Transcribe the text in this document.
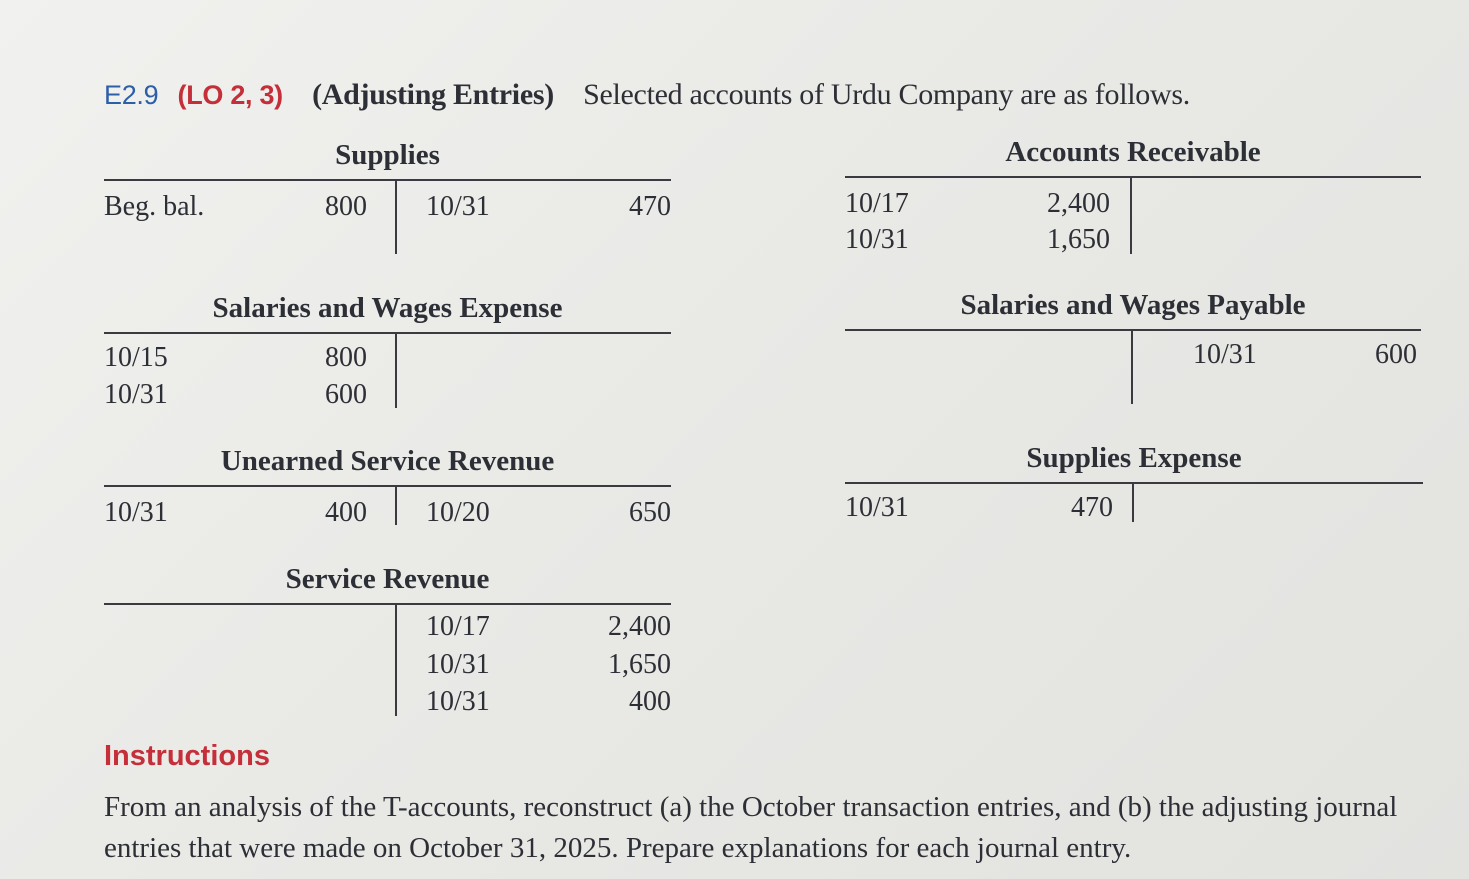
E2.9 (LO 2, 3) (Adjusting Entries) Selected accounts of Urdu Company are as follows.
Supplies
Beg. bal.	800 10/31	470
Accounts Receivable
10/17	2,400
10/31	1,650
Salaries and Wages Expense
10/15	800
10/31	600
Salaries and Wages Payable
10/31	600
Unearned Service Revenue
10/31	400 10/20	650
Supplies Expense
10/31	470
Service Revenue
10/17	2,400
10/31	1,650
10/31	400
Instructions
From an analysis of the T-accounts, reconstruct (a) the October transaction entries, and (b) the adjusting journal entries that were made on October 31, 2025. Prepare explanations for each journal entry.
